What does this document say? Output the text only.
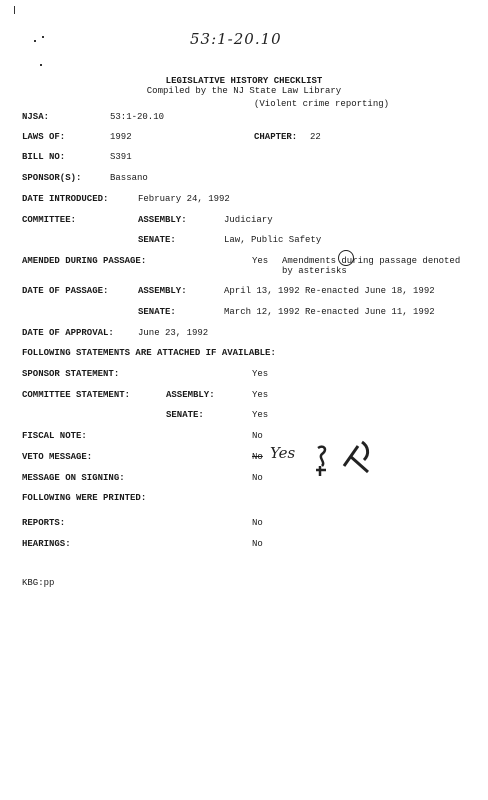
53:1-20.10
LEGISLATIVE HISTORY CHECKLIST
Compiled by the NJ State Law Library
(Violent crime reporting)
NJSA:	53:1-20.10
LAWS OF:	1992	CHAPTER: 22
BILL NO:	S391
SPONSOR(S):	Bassano
DATE INTRODUCED:	February 24, 1992
COMMITTEE:	ASSEMBLY:	Judiciary
SENATE:	Law, Public Safety
AMENDED DURING PASSAGE:	Yes Amendments during passage denoted
by asterisks
DATE OF PASSAGE:	ASSEMBLY:	April 13, 1992 Re-enacted June 18, 1992
SENATE:	March 12, 1992 Re-enacted June 11, 1992
DATE OF APPROVAL:	June 23, 1992
FOLLOWING STATEMENTS ARE ATTACHED IF AVAILABLE:
SPONSOR STATEMENT:	Yes
COMMITTEE STATEMENT:	ASSEMBLY:	Yes
SENATE:	Yes
FISCAL NOTE:	No
VETO MESSAGE:	No Yes
MESSAGE ON SIGNING:	No
FOLLOWING WERE PRINTED:
REPORTS:	No
HEARINGS:	No
KBG:pp
